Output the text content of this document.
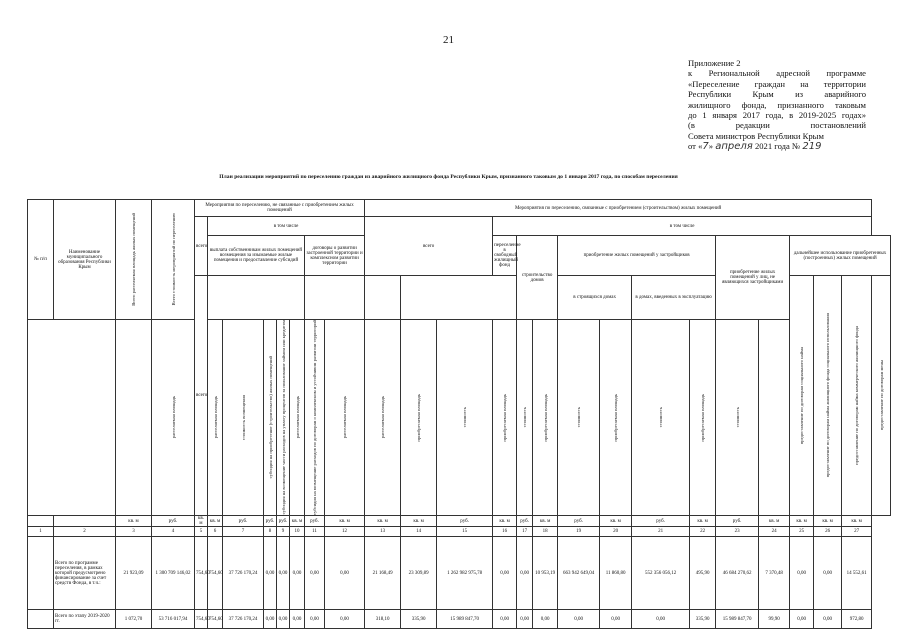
21
Приложение 2
к Региональной адресной программе
«Переселение граждан на территории
Республики Крым из аварийного
жилищного фонда, признанного таковым
до 1 января 2017 года, в 2019-2025 годах»
(в редакции постановлений
Совета министров Республики Крым
от «7» апреля 2021 года № 219
План реализации мероприятий по переселению граждан из аварийного жилищного фонда Республики Крым, признанного таковым до 1 января 2017 года, по способам переселения
№ п/п	Наименование муниципального образования Республики Крым	Всего расселяемая площадь жилых помещений	Всего стоимость мероприятий по переселению	Мероприятия по переселению, не связанные с приобретением жилых помещений								Мероприятия по переселению, связанные с приобретением (строительством) жилых помещений															
				всего	в том числе							всего			в том числе												
					выплата собственникам жилых помещений возмещения за изымаемые жилые помещения и предоставление субсидий					договоры о развитии застроенной территории и комплексном развитии территории					переселение в свободный жилищный фонд	строительство домов		приобретение жилых помещений у застройщиков				приобретение жилых помещений у лиц, не являющихся застройщиками		дальнейшее использование приобретенных (построенных) жилых помещений			
				всего														в строящихся домах		в домах, введенных в эксплуатацию				предоставление по договорам социального найма	предоставление по договорам найма жилищного фонда социального использования	предоставление по договорам найма коммерческого жилищного фонда	предоставление по договорам мены

			расселяемая площадь		расселяемая площадь	стоимость возмещения	субсидия на приобретение (строительство) жилых помещений	субсидия на возмещение части расходов на уплату процентов за пользование займом или кредитом	расселяемая площадь	субсидия на возмещение расходов по договорам о комплексном и устойчивом развитии территорий	расселяемая площадь	расселяемая площадь	приобретаемая площадь	стоимость	приобретаемая площадь	стоимость	приобретаемая площадь	стоимость	приобретаемая площадь	стоимость	приобретаемая площадь	стоимость					

		кв. м	руб.	кв. м	кв. м	руб.	руб.	руб.	кв. м	руб.	кв. м	кв. м	кв. м	руб.	кв. м	руб.	кв. м	руб.	кв. м	руб.	кв. м	руб.	кв. м	кв. м	кв. м	кв. м	
1	2	3	4	5	6	7	8	9	10	11	12	13	14	15	16	17	18	19	20	21	22	23	24	25	26	27	
	Всего по программе переселения, в рамках которой предусмотрено финансирование за счет средств Фонда, в т.ч.:	21 923,09	1 300 709 146,02	754,60	754,60	37 726 170,24	0,00	0,00	0,00	0,00	0,00	21 168,49	23 309,89	1 262 982 975,78	0,00	0,00	10 953,19	663 942 649,04	11 860,80	552 356 056,12	495,90	46 684 270,62	7 370,48	0,00	0,00	14 552,61	
	Всего по этапу 2019-2020 гг.	1 072,70	53 716 017,94	754,60	754,60	37 726 170,24	0,00	0,00	0,00	0,00	0,00	318,10	335,90	15 989 847,70	0,00	0,00	0,00	0,00	0,00	0,00	335,90	15 989 847,70	99,90	0,00	0,00	972,80	
